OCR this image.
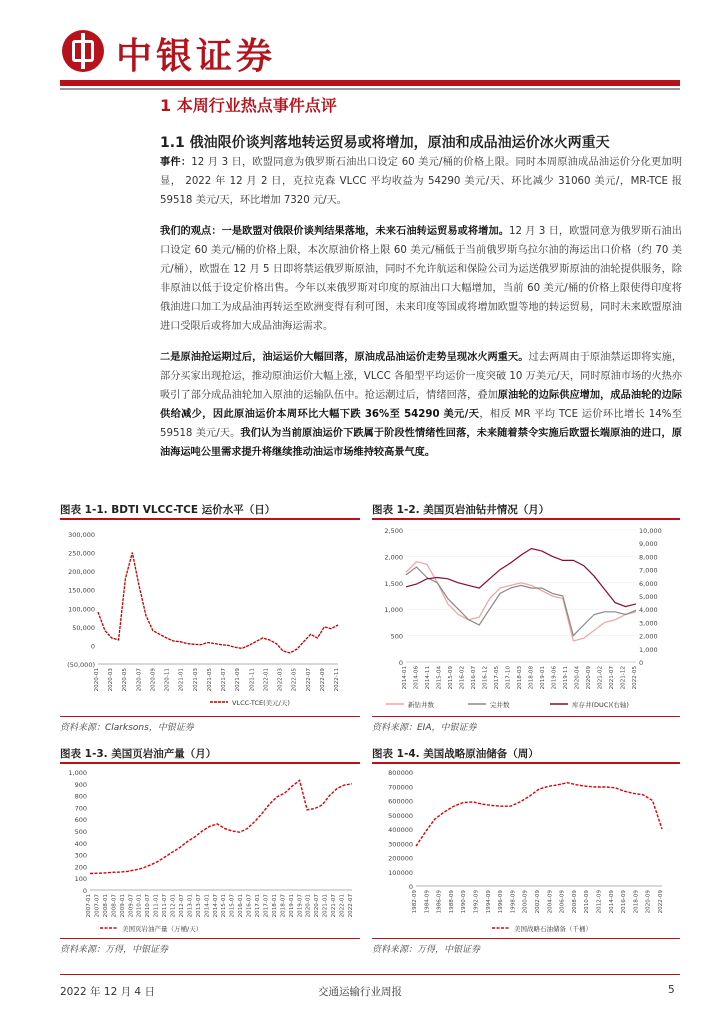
中银证券
1 本周行业热点事件点评
1.1 俄油限价谈判落地转运贸易或将增加，原油和成品油运价冰火两重天
事件：12 月 3 日，欧盟同意为俄罗斯石油出口设定 60 美元/桶的价格上限。同时本周原油成品油运价分化更加明显， 2022 年 12 月 2 日，克拉克森 VLCC 平均收益为 54290 美元/天、环比减少 31060 美元/，MR-TCE 报 59518 美元/天，环比增加 7320 元/天。
我们的观点：一是欧盟对俄限价谈判结果落地，未来石油转运贸易或将增加。12 月 3 日，欧盟同意为俄罗斯石油出口设定 60 美元/桶的价格上限，本次原油价格上限 60 美元/桶低于当前俄罗斯乌拉尔油的海运出口价格（约 70 美元/桶），欧盟在 12 月 5 日即将禁运俄罗斯原油，同时不允许航运和保险公司为运送俄罗斯原油的油轮提供服务，除非原油以低于设定价格出售。今年以来俄罗斯对印度的原油出口大幅增加，当前 60 美元/桶的价格上限使得印度将俄油进口加工为成品油再转运至欧洲变得有利可图，未来印度等国或将增加欧盟等地的转运贸易，同时未来欧盟原油进口受限后或将加大成品油海运需求。
二是原油抢运期过后，油运运价大幅回落，原油成品油运价走势呈现冰火两重天。过去两周由于原油禁运即将实施，部分买家出现抢运，推动原油运价大幅上涨，VLCC 各船型平均运价一度突破 10 万美元/天，同时原油市场的火热亦吸引了部分成品油轮加入原油的运输队伍中。抢运潮过后，情绪回落，叠加原油轮的边际供应增加，成品油轮的边际供给减少，因此原油运价本周环比大幅下跌 36%至 54290 美元/天，相反 MR 平均 TCE 运价环比增长 14%至 59518 美元/天。我们认为当前原油运价下跌属于阶段性情绪性回落，未来随着禁令实施后欧盟长端原油的进口，原油海运吨公里需求提升将继续推动油运市场维持较高景气度。
图表 1-1. BDTI VLCC-TCE 运价水平（日）
300,000
250,000
200,000
150,000
100,000
50,000
0
(50,000)
2020-01 2020-03 2020-05 2020-07 2020-09 2020-11 2021-01 2021-03 2021-05 2021-07 2021-09 2021-11 2022-01 2022-03 2022-05 2022-07 2022-09 2022-11
VLCC-TCE(美元/天)
资料来源：Clarksons，中银证券
图表 1-2. 美国页岩油钻井情况（月）
2,500
2,000
1,500
1,000
500
0
10,000
9,000
8,000
7,000
6,000
5,000
4,000
3,000
2,000
1,000
0
2014-01 2014-06 2014-11 2015-04 2015-09 2016-02 2016-07 2016-12 2017-05 2017-10 2018-03 2018-08 2019-01 2019-06 2019-11 2020-04 2020-09 2021-02 2021-07 2021-12 2022-05
新钻井数	完井数	库存井(DUC)(右轴)
资料来源：EIA，中银证券
图表 1-3. 美国页岩油产量（月）
1,000
900
800
700
600
500
400
300
200
100
0
2007-01 2007-07 2008-01 2008-07 2009-01 2009-07 2010-01 2010-07 2011-01 2011-07 2012-01 2012-07 2013-01 2013-07 2014-01 2014-07 2015-01 2015-07 2016-01 2016-07 2017-01 2017-07 2018-01 2018-07 2019-01 2019-07 2020-01 2020-07 2021-01 2021-07 2022-01 2022-07
美国页岩油产量（万桶/天）
资料来源：万得，中银证券
图表 1-4. 美国战略原油储备（周）
800000
700000
600000
500000
400000
300000
200000
100000
0
1982-09 1984-09 1986-09 1988-09 1990-09 1992-09 1994-09 1996-09 1998-09 2000-09 2002-09 2004-09 2006-09 2008-09 2010-09 2012-09 2014-09 2016-09 2018-09 2020-09 2022-09
美国战略石油储备（千桶）
资料来源：万得，中银证券
2022 年 12 月 4 日	交通运输行业周报	5
